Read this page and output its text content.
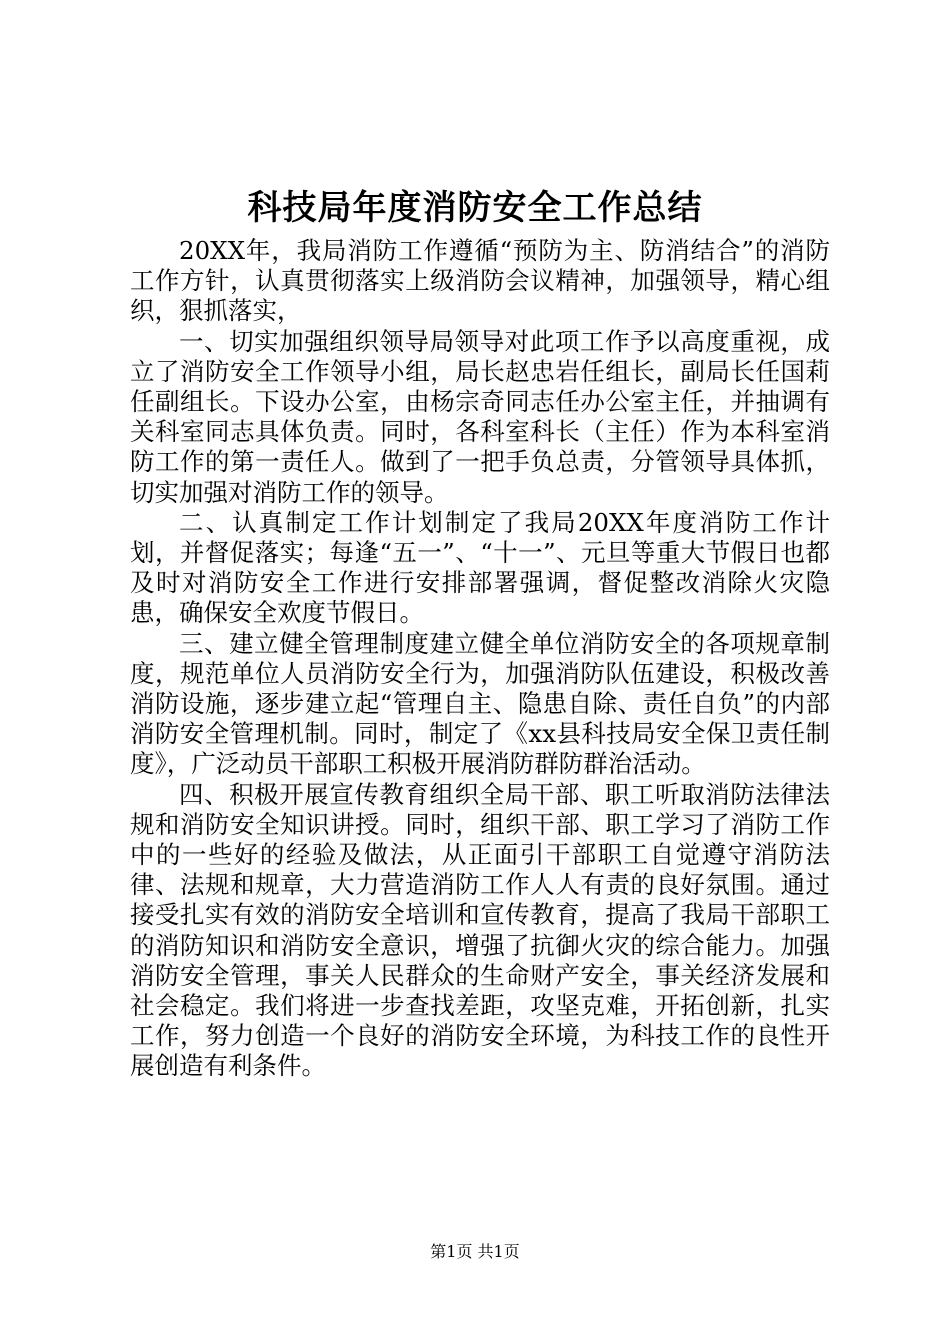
科技局年度消防安全工作总结

20XX年，我局消防工作遵循“预防为主、防消结合”的消防工作方针，认真贯彻落实上级消防会议精神，加强领导，精心组织，狠抓落实，

一、切实加强组织领导局领导对此项工作予以高度重视，成立了消防安全工作领导小组，局长赵忠岩任组长，副局长任国莉任副组长。下设办公室，由杨宗奇同志任办公室主任，并抽调有关科室同志具体负责。同时，各科室科长（主任）作为本科室消防工作的第一责任人。做到了一把手负总责，分管领导具体抓，切实加强对消防工作的领导。

二、认真制定工作计划制定了我局20XX年度消防工作计划，并督促落实；每逢“五一”、“十一”、元旦等重大节假日也都及时对消防安全工作进行安排部署强调，督促整改消除火灾隐患，确保安全欢度节假日。

三、建立健全管理制度建立健全单位消防安全的各项规章制度，规范单位人员消防安全行为，加强消防队伍建设，积极改善消防设施，逐步建立起“管理自主、隐患自除、责任自负”的内部消防安全管理机制。同时，制定了《xx县科技局安全保卫责任制度》，广泛动员干部职工积极开展消防群防群治活动。

四、积极开展宣传教育组织全局干部、职工听取消防法律法规和消防安全知识讲授。同时，组织干部、职工学习了消防工作中的一些好的经验及做法，从正面引干部职工自觉遵守消防法律、法规和规章，大力营造消防工作人人有责的良好氛围。通过接受扎实有效的消防安全培训和宣传教育，提高了我局干部职工的消防知识和消防安全意识，增强了抗御火灾的综合能力。加强消防安全管理，事关人民群众的生命财产安全，事关经济发展和社会稳定。我们将进一步查找差距，攻坚克难，开拓创新，扎实工作，努力创造一个良好的消防安全环境，为科技工作的良性开展创造有利条件。

第1页 共1页
